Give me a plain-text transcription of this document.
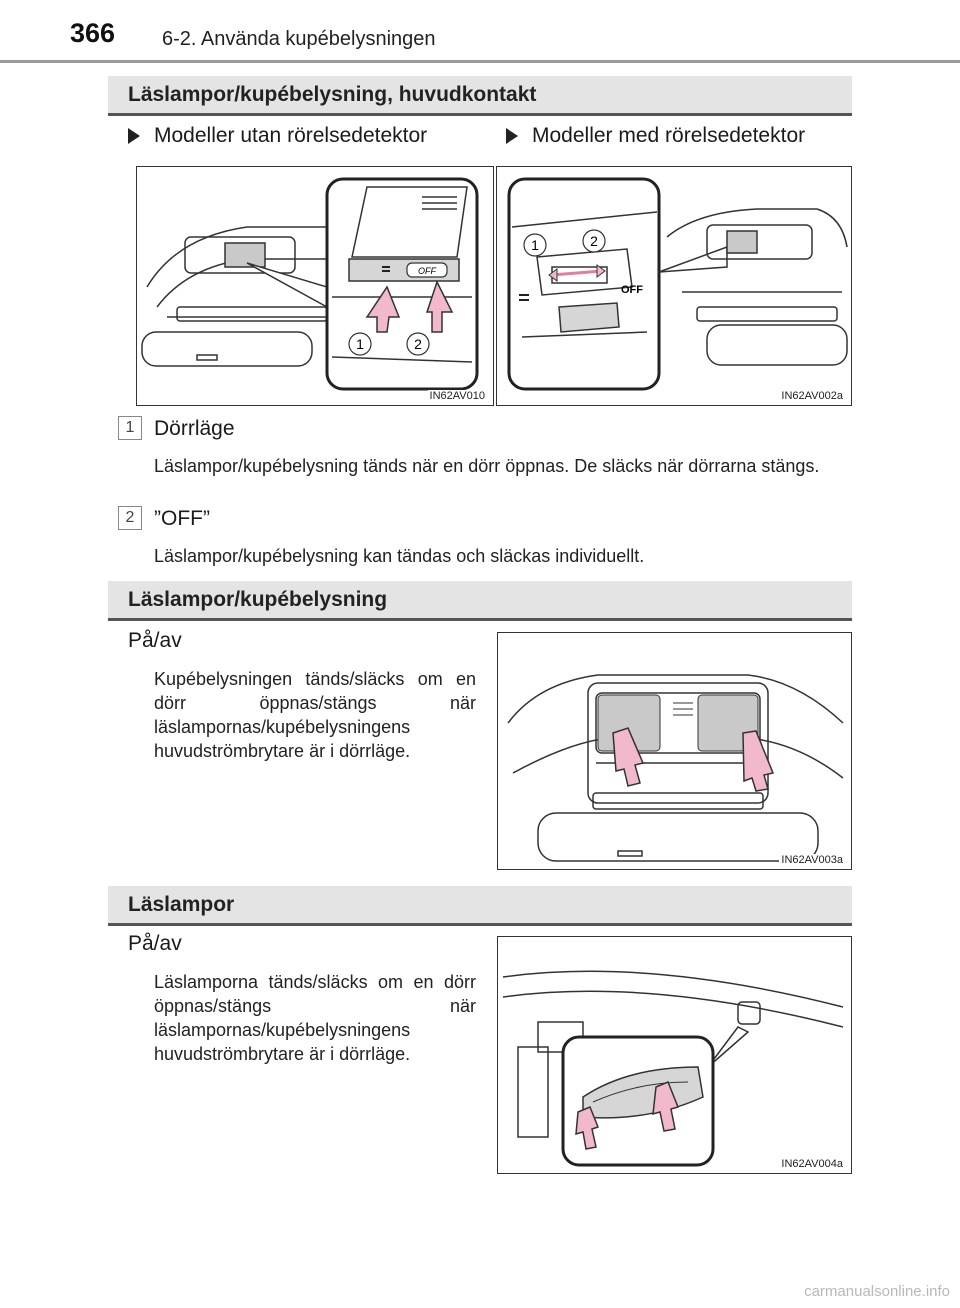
366 6-2. Använda kupébelysningen
Läslampor/kupébelysning, huvudkontakt
Modeller utan rörelsedetektor	Modeller med rörelsedetektor
OFF
1	2
IN62AV010
1	2
OFF
IN62AV002a
1 Dörrläge
Läslampor/kupébelysning tänds när en dörr öppnas. De släcks när dörrarna stängs.
2 ”OFF”
Läslampor/kupébelysning kan tändas och släckas individuellt.
Läslampor/kupébelysning
På/av
Kupébelysningen tänds/släcks om en dörr öppnas/stängs när läslampornas/kupébelysningens huvudströmbrytare är i dörrläge.
IN62AV003a
Läslampor
På/av
Läslamporna tänds/släcks om en dörr öppnas/stängs när läslampornas/kupébelysningens huvudströmbrytare är i dörrläge.
IN62AV004a
carmanualsonline.info
